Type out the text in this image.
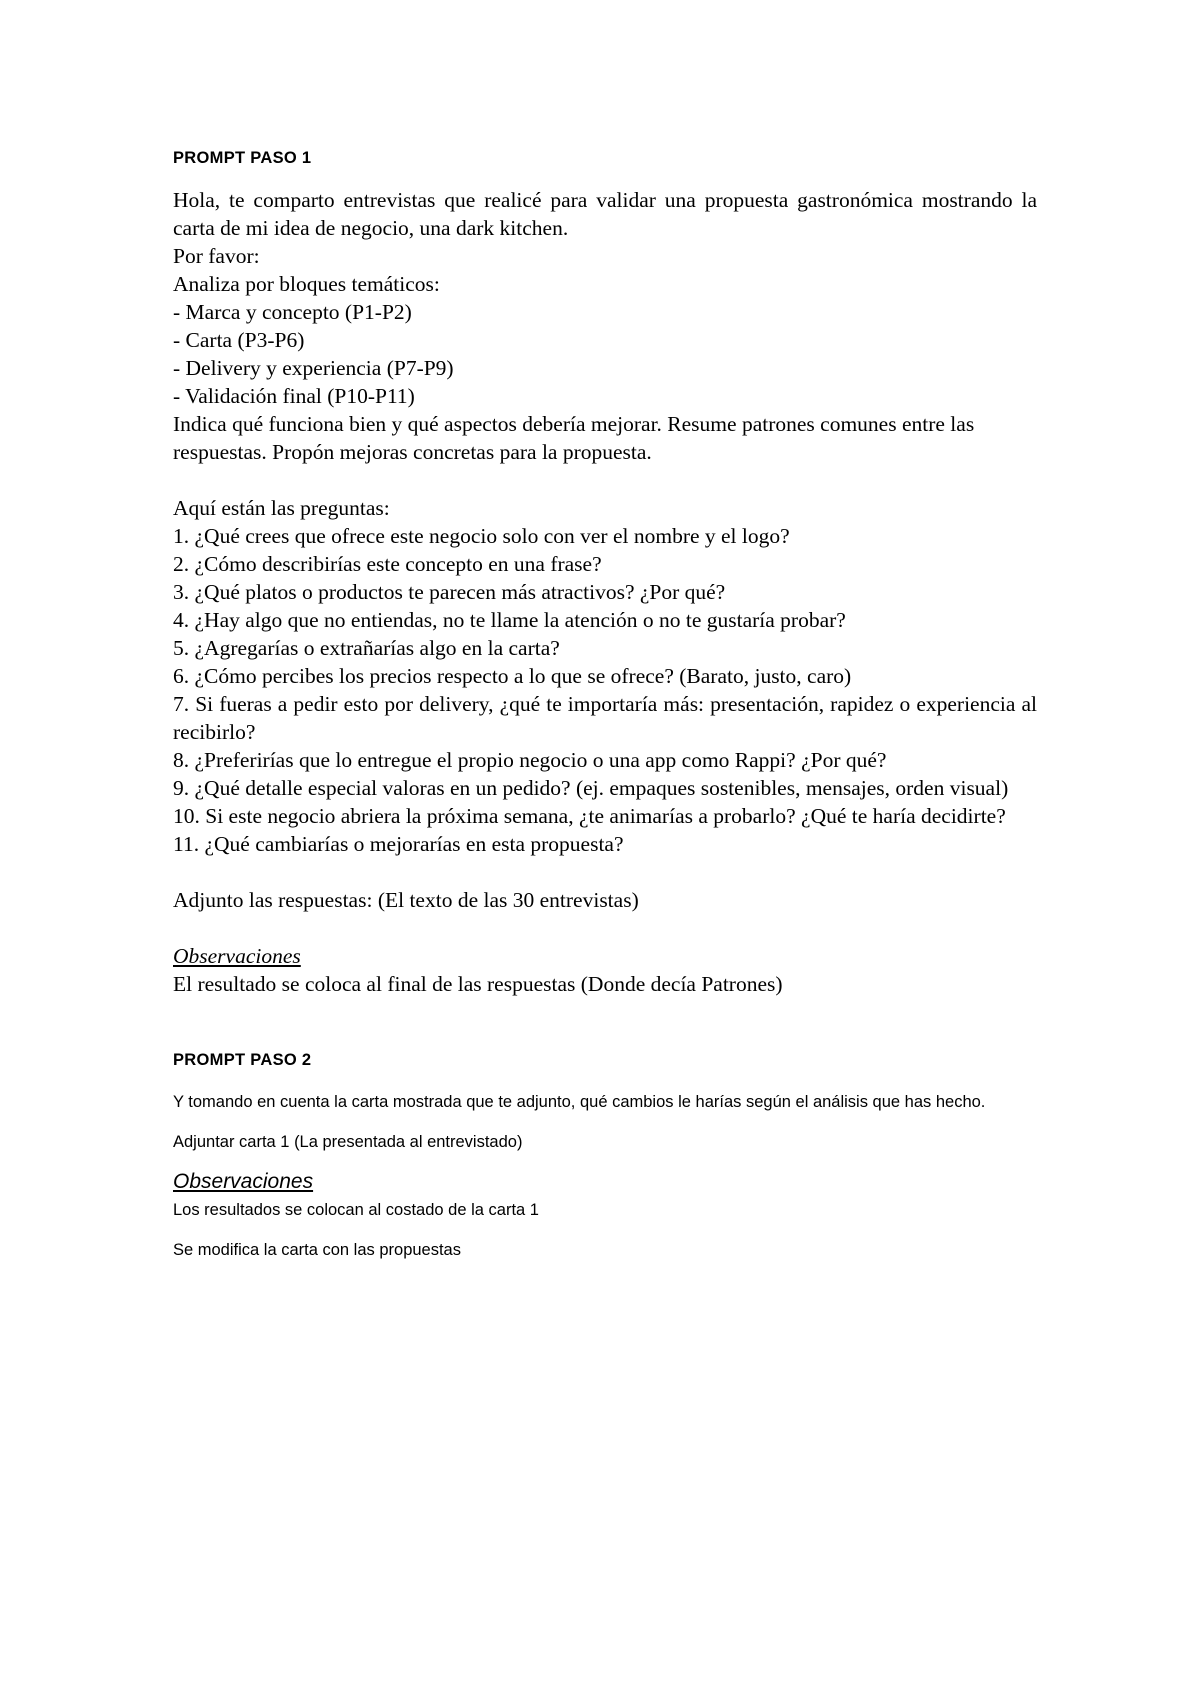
PROMPT PASO 1

Hola, te comparto entrevistas que realicé para validar una propuesta gastronómica mostrando la carta de mi idea de negocio, una dark kitchen.

Por favor:

Analiza por bloques temáticos:

- Marca y concepto (P1-P2)

- Carta (P3-P6)

- Delivery y experiencia (P7-P9)

- Validación final (P10-P11)

Indica qué funciona bien y qué aspectos debería mejorar. Resume patrones comunes entre las respuestas. Propón mejoras concretas para la propuesta.

Aquí están las preguntas:

1. ¿Qué crees que ofrece este negocio solo con ver el nombre y el logo?

2. ¿Cómo describirías este concepto en una frase?

3. ¿Qué platos o productos te parecen más atractivos? ¿Por qué?

4. ¿Hay algo que no entiendas, no te llame la atención o no te gustaría probar?

5. ¿Agregarías o extrañarías algo en la carta?

6. ¿Cómo percibes los precios respecto a lo que se ofrece? (Barato, justo, caro)

7. Si fueras a pedir esto por delivery, ¿qué te importaría más: presentación, rapidez o experiencia al recibirlo?

8. ¿Preferirías que lo entregue el propio negocio o una app como Rappi? ¿Por qué?

9. ¿Qué detalle especial valoras en un pedido? (ej. empaques sostenibles, mensajes, orden visual)

10. Si este negocio abriera la próxima semana, ¿te animarías a probarlo? ¿Qué te haría decidirte?

11. ¿Qué cambiarías o mejorarías en esta propuesta?

Adjunto las respuestas: (El texto de las 30 entrevistas)

Observaciones

El resultado se coloca al final de las respuestas (Donde decía Patrones)

PROMPT PASO 2

Y tomando en cuenta la carta mostrada que te adjunto, qué cambios le harías según el análisis que has hecho.

Adjuntar carta 1 (La presentada al entrevistado)

Observaciones

Los resultados se colocan al costado de la carta 1

Se modifica la carta con las propuestas
